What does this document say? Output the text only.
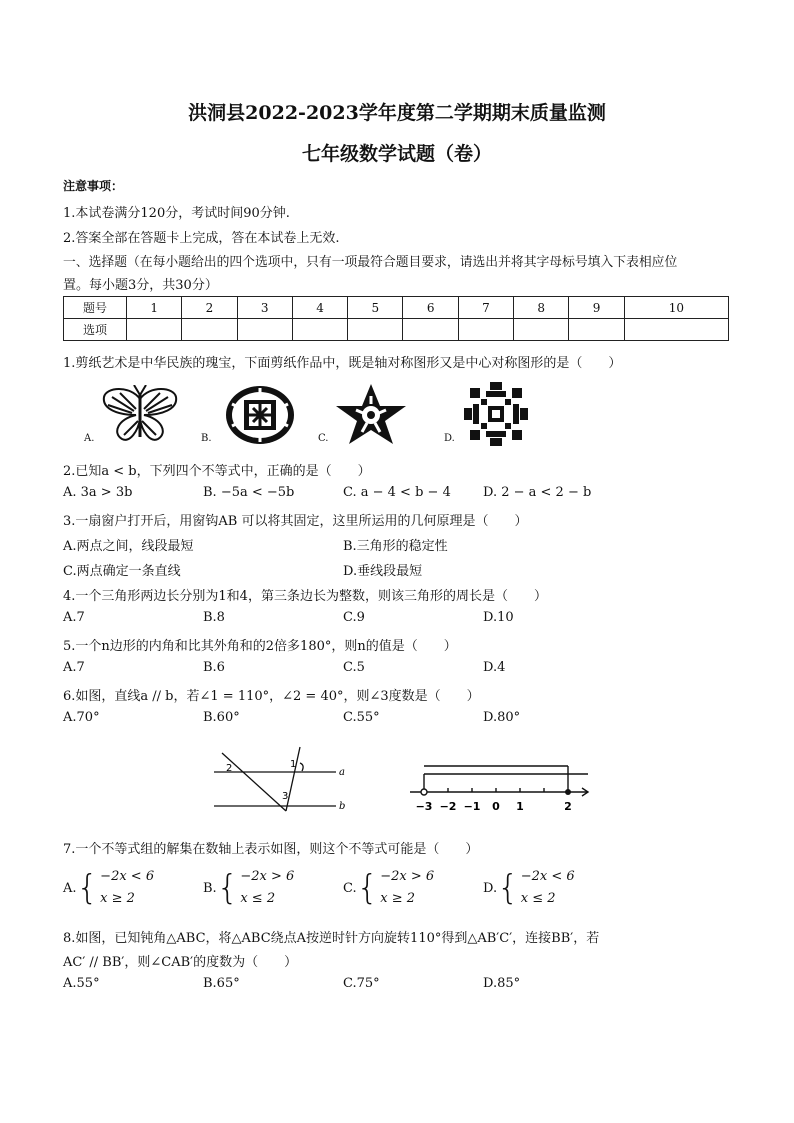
洪洞县2022-2023学年度第二学期期末质量监测
七年级数学试题（卷）
注意事项：
1.本试卷满分120分，考试时间90分钟.
2.答案全部在答题卡上完成，答在本试卷上无效.
一、选择题（在每小题给出的四个选项中，只有一项最符合题目要求，请选出并将其字母标号填入下表相应位
置。每小题3分，共30分）
题号	1	2	3	4	5	6	7	8	9	10
选项										
1.剪纸艺术是中华民族的瑰宝，下面剪纸作品中，既是轴对称图形又是中心对称图形的是（　　）
A.	B.	C.	D.
2.已知a < b，下列四个不等式中，正确的是（　　）
A. 3a > 3b	B. −5a < −5b	C. a − 4 < b − 4 D. 2 − a < 2 − b
3.一扇窗户打开后，用窗钩AB 可以将其固定，这里所运用的几何原理是（　　）
A.两点之间，线段最短	B.三角形的稳定性
C.两点确定一条直线	D.垂线段最短
4.一个三角形两边长分别为1和4，第三条边长为整数，则该三角形的周长是（　　）
A.7	B.8	C.9	D.10
5.一个n边形的内角和比其外角和的2倍多180°，则n的值是（　　）
A.7	B.6	C.5	D.4
6.如图，直线a // b，若∠1 = 110°，∠2 = 40°，则∠3度数是（　　）
A.70°	B.60°	C.55°	D.80°
2	1
3
a
b	−3 −2 −1 0 1	2
7.一个不等式组的解集在数轴上表示如图，则这个不等式可能是（　　）
A. { −2x < 6
x ≥ 2
B. { −2x > 6
x ≤ 2
C. { −2x > 6
x ≥ 2
D. { −2x < 6
x ≤ 2
8.如图，已知钝角△ABC，将△ABC绕点A按逆时针方向旋转110°得到△AB′C′，连接BB′，若
AC′ // BB′，则∠CAB′的度数为（　　）
A.55°	B.65°	C.75°	D.85°
